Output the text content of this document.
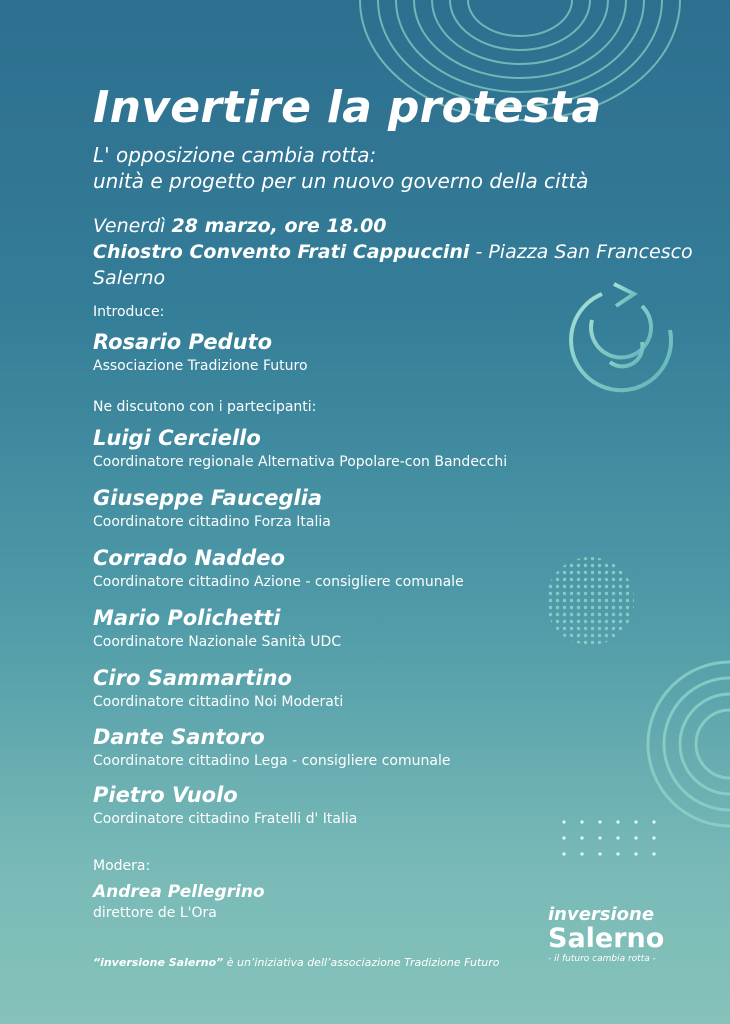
Invertire la protesta
L' opposizione cambia rotta:
unità e progetto per un nuovo governo della città
Venerdì 28 marzo, ore 18.00
Chiostro Convento Frati Cappuccini - Piazza San Francesco
Salerno
Introduce:
Rosario Peduto
Associazione Tradizione Futuro
Ne discutono con i partecipanti:
Luigi Cerciello
Coordinatore regionale Alternativa Popolare-con Bandecchi
Giuseppe Fauceglia
Coordinatore cittadino Forza Italia
Corrado Naddeo
Coordinatore cittadino Azione - consigliere comunale
Mario Polichetti
Coordinatore Nazionale Sanità UDC
Ciro Sammartino
Coordinatore cittadino Noi Moderati
Dante Santoro
Coordinatore cittadino Lega - consigliere comunale
Pietro Vuolo
Coordinatore cittadino Fratelli d' Italia
Modera:
Andrea Pellegrino
direttore de L'Ora
“inversione Salerno” è un’iniziativa dell’associazione Tradizione Futuro
inversione
Salerno
- il futuro cambia rotta -
